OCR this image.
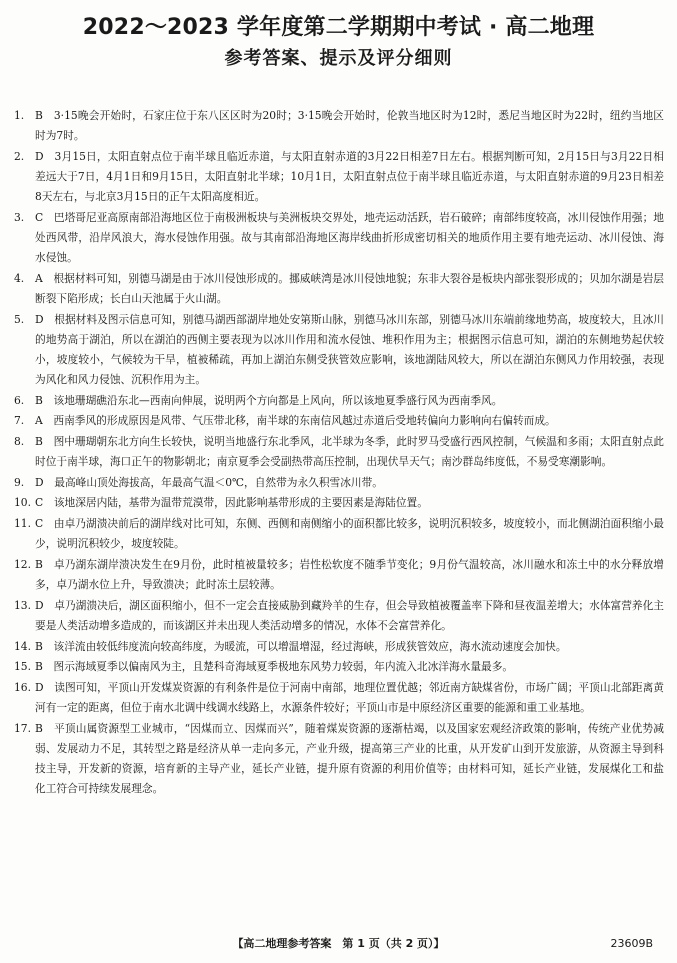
2022～2023 学年度第二学期期中考试 · 高二地理
参考答案、提示及评分细则
1. B　3·15晚会开始时，石家庄位于东八区区时为20时；3·15晚会开始时，伦敦当地区时为12时，悉尼当地区时为22时，纽约当地区时为7时。
2. D　3月15日，太阳直射点位于南半球且临近赤道，与太阳直射赤道的3月22日相差7日左右。根据判断可知，2月15日与3月22日相差远大于7日，4月1日和9月15日，太阳直射北半球；10月1日，太阳直射点位于南半球且临近赤道，与太阳直射赤道的9月23日相差8天左右，与北京3月15日的正午太阳高度相近。
3. C　巴塔哥尼亚高原南部沿海地区位于南极洲板块与美洲板块交界处，地壳运动活跃，岩石破碎；南部纬度较高，冰川侵蚀作用强；地处西风带，沿岸风浪大，海水侵蚀作用强。故与其南部沿海地区海岸线曲折形成密切相关的地质作用主要有地壳运动、冰川侵蚀、海水侵蚀。
4. A　根据材料可知，别德马湖是由于冰川侵蚀形成的。挪威峡湾是冰川侵蚀地貌；东非大裂谷是板块内部张裂形成的；贝加尔湖是岩层断裂下陷形成；长白山天池属于火山湖。
5. D　根据材料及图示信息可知，别德马湖西部湖岸地处安第斯山脉，别德马冰川东部，别德马冰川东端前缘地势高，坡度较大，且冰川的地势高于湖泊，所以在湖泊的西侧主要表现为以冰川作用和流水侵蚀、堆积作用为主；根据图示信息可知，湖泊的东侧地势起伏较小，坡度较小，气候较为干旱，植被稀疏，再加上湖泊东侧受狭管效应影响，该地湖陆风较大，所以在湖泊东侧风力作用较强，表现为风化和风力侵蚀、沉积作用为主。
6. B　该地珊瑚礁沿东北—西南向伸展，说明两个方向都是上风向，所以该地夏季盛行风为西南季风。
7. A　西南季风的形成原因是风带、气压带北移，南半球的东南信风越过赤道后受地转偏向力影响向右偏转而成。
8. B　图中珊瑚朝东北方向生长较快，说明当地盛行东北季风，北半球为冬季，此时罗马受盛行西风控制，气候温和多雨；太阳直射点此时位于南半球，海口正午的物影朝北；南京夏季会受副热带高压控制，出现伏旱天气；南沙群岛纬度低，不易受寒潮影响。
9. D　最高峰山顶处海拔高，年最高气温＜0℃，自然带为永久积雪冰川带。
10. C　该地深居内陆，基带为温带荒漠带，因此影响基带形成的主要因素是海陆位置。
11. C　由卓乃湖溃决前后的湖岸线对比可知，东侧、西侧和南侧缩小的面积都比较多，说明沉积较多，坡度较小，而北侧湖泊面积缩小最少，说明沉积较少，坡度较陡。
12. B　卓乃湖东湖岸溃决发生在9月份，此时植被量较多；岩性松软度不随季节变化；9月份气温较高，冰川融水和冻土中的水分释放增多，卓乃湖水位上升，导致溃决；此时冻土层较薄。
13. D　卓乃湖溃决后，湖区面积缩小，但不一定会直接威胁到藏羚羊的生存，但会导致植被覆盖率下降和昼夜温差增大；水体富营养化主要是人类活动增多造成的，而该湖区并未出现人类活动增多的情况，水体不会富营养化。
14. B　该洋流由较低纬度流向较高纬度，为暖流，可以增温增湿，经过海峡，形成狭管效应，海水流动速度会加快。
15. B　图示海域夏季以偏南风为主，且楚科奇海域夏季极地东风势力较弱，年内流入北冰洋海水量最多。
16. D　读图可知，平顶山开发煤炭资源的有利条件是位于河南中南部，地理位置优越；邻近南方缺煤省份，市场广阔；平顶山北部距离黄河有一定的距离，但位于南水北调中线调水线路上，水源条件较好；平顶山市是中原经济区重要的能源和重工业基地。
17. B　平顶山属资源型工业城市，“因煤而立、因煤而兴”，随着煤炭资源的逐渐枯竭，以及国家宏观经济政策的影响，传统产业优势减弱、发展动力不足，其转型之路是经济从单一走向多元，产业升级，提高第三产业的比重，从开发矿山到开发旅游，从资源主导到科技主导，开发新的资源，培育新的主导产业，延长产业链，提升原有资源的利用价值等；由材料可知，延长产业链，发展煤化工和盐化工符合可持续发展理念。
【高二地理参考答案　第 1 页（共 2 页）】	23609B
